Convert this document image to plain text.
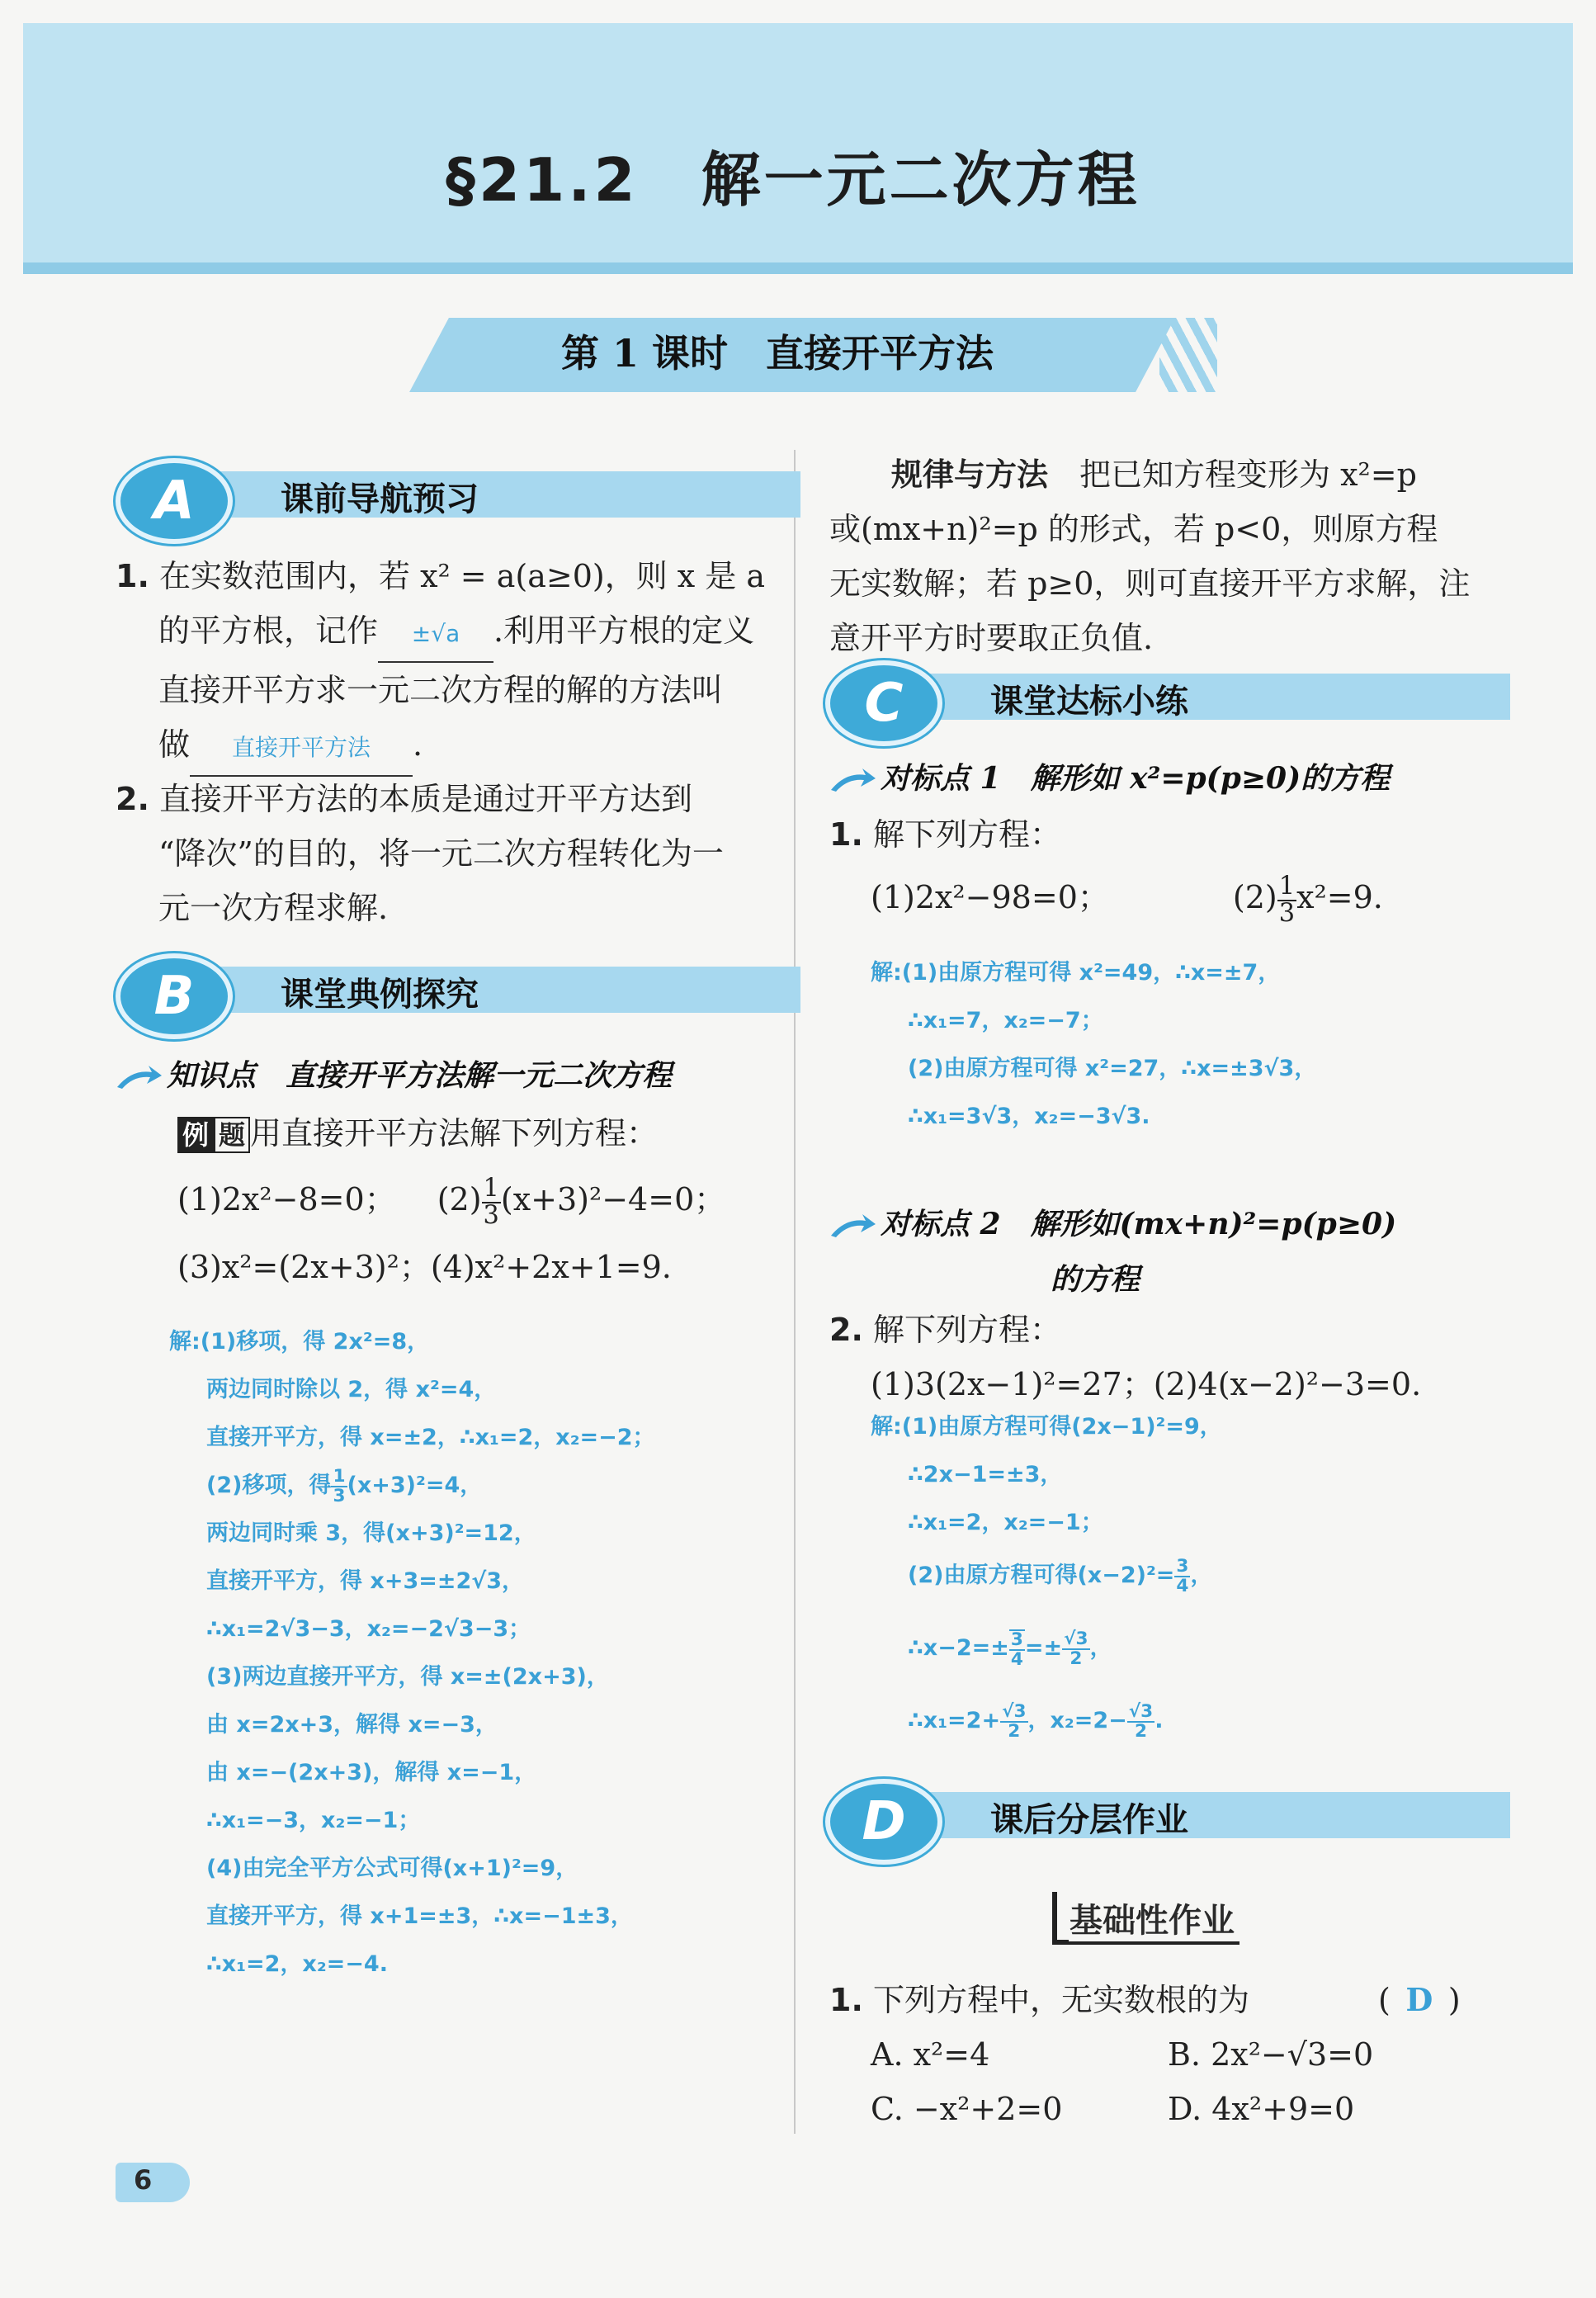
§21.2　解一元二次方程
第 1 课时　直接开平方法
A	课前导航预习
1. 在实数范围内，若 x² = a(a≥0)，则 x 是 a
的平方根，记作 ±√a .利用平方根的定义
直接开平方求一元二次方程的解的方法叫
做 直接开平方法 .
2. 直接开平方法的本质是通过开平方达到
“降次”的目的，将一元二次方程转化为一
元一次方程求解.
B	课堂典例探究
知识点　直接开平方法解一元二次方程
例 题 用直接开平方法解下列方程：
(1)2x²−8=0； $(2) \frac{1}{3} (x+3)^2-4=0$；
(3)x²=(2x+3)²；(4)x²+2x+1=9.
解:(1)移项，得 2x²=8，
两边同时除以 2，得 x²=4，
直接开平方，得 x=±2，∴x₁=2，x₂=−2；
(2)移项，得 $\frac{1}{3} (x+3)^2=4$，
两边同时乘 3，得(x+3)²=12，
直接开平方，得 x+3=±2√3，
∴x₁=2√3−3，x₂=−2√3−3；
(3)两边直接开平方，得 x=±(2x+3)，
由 x=2x+3，解得 x=−3，
由 x=−(2x+3)，解得 x=−1，
∴x₁=−3，x₂=−1；
(4)由完全平方公式可得(x+1)²=9，
直接开平方，得 x+1=±3，∴x=−1±3，
∴x₁=2，x₂=−4.
规律与方法　 把已知方程变形为 x²=p
或(mx+n)²=p 的形式，若 p<0，则原方程
无实数解；若 p≥0，则可直接开平方求解，注
意开平方时要取正负值.
C	课堂达标小练
对标点 1　解形如 x²=p(p≥0)的方程
1. 解下列方程：
(1)2x²−98=0；	$(2) \frac{1}{3} x^2=9$.
解:(1)由原方程可得 x²=49，∴x=±7，
∴x₁=7，x₂=−7；
(2)由原方程可得 x²=27，∴x=±3√3，
∴x₁=3√3，x₂=−3√3.
对标点 2　解形如(mx+n)²=p(p≥0)
的方程
2. 解下列方程：
(1)3(2x−1)²=27；(2)4(x−2)²−3=0.
解:(1)由原方程可得(2x−1)²=9，
∴2x−1=±3，
∴x₁=2，x₂=−1；
(2)由原方程可得$(x-2)^2= \frac{3}{4}$ ，
∴x−2=± $\frac{3}{4} =\pm \frac{√3}{2}$ ，
∴x₁=2+ $\frac{√3}{2}$ ，$x_2=2- \frac{√3}{2}$ .
D	课后分层作业
基础性作业
1. 下列方程中，无实数根的为	( D )
A. x²=4	B. 2x²−√3=0
C. −x²+2=0	D. 4x²+9=0
6
